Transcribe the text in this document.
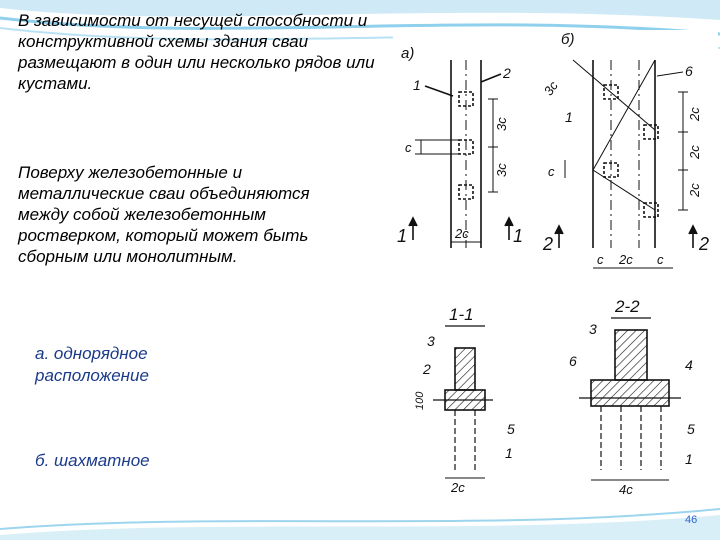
В зависимости от несущей способности и конструктивной схемы здания сваи размещают в один или несколько рядов или кустами.
Поверху железобетонные и металлические сваи объединяются между собой железобетонным ростверком, который может быть сборным или монолитным.
а. однорядное расположение
б. шахматное
а)
1
2
3c
3c
c
1	1
2c
б)
3c
1
6
2c
2c
2c
c
2	2
c 2c c
1-1
3
2
5
1
100
2c
2-2
3
6	4
5
1
4c
46
